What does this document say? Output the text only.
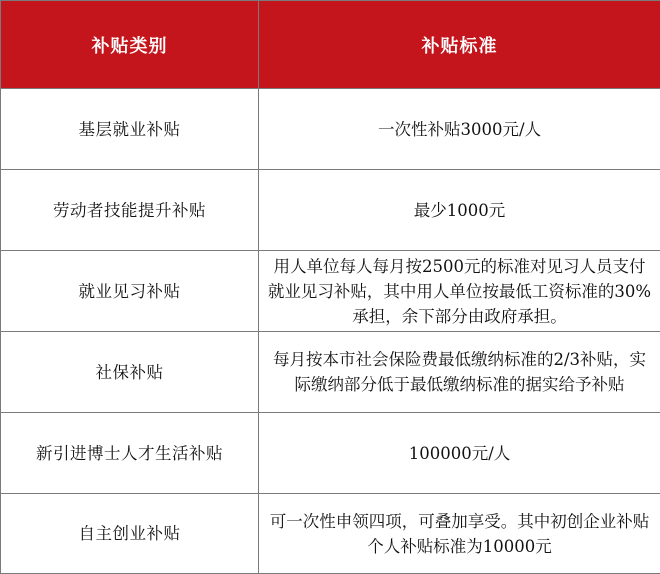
补贴类别	补贴标准
基层就业补贴	一次性补贴3000元/人
劳动者技能提升补贴	最少1000元
就业见习补贴	用人单位每人每月按2500元的标准对见习人员支付就业见习补贴，其中用人单位按最低工资标准的30%承担，余下部分由政府承担。
社保补贴	每月按本市社会保险费最低缴纳标准的2/3补贴，实际缴纳部分低于最低缴纳标准的据实给予补贴
新引进博士人才生活补贴	100000元/人
自主创业补贴	可一次性申领四项，可叠加享受。其中初创企业补贴个人补贴标准为10000元
